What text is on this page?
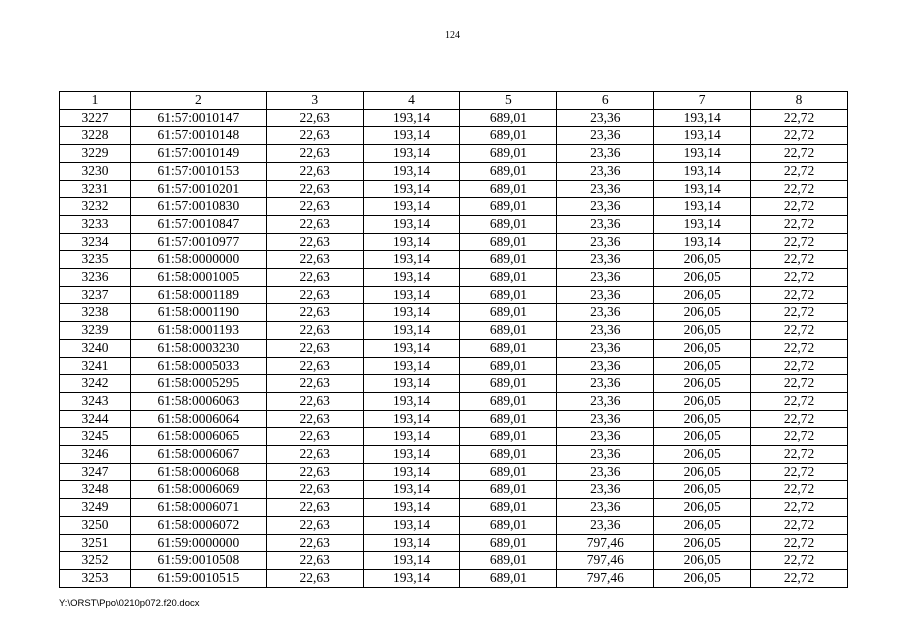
124
1	2	3	4	5	6	7	8
3227	61:57:0010147	22,63	193,14	689,01	23,36	193,14	22,72
3228	61:57:0010148	22,63	193,14	689,01	23,36	193,14	22,72
3229	61:57:0010149	22,63	193,14	689,01	23,36	193,14	22,72
3230	61:57:0010153	22,63	193,14	689,01	23,36	193,14	22,72
3231	61:57:0010201	22,63	193,14	689,01	23,36	193,14	22,72
3232	61:57:0010830	22,63	193,14	689,01	23,36	193,14	22,72
3233	61:57:0010847	22,63	193,14	689,01	23,36	193,14	22,72
3234	61:57:0010977	22,63	193,14	689,01	23,36	193,14	22,72
3235	61:58:0000000	22,63	193,14	689,01	23,36	206,05	22,72
3236	61:58:0001005	22,63	193,14	689,01	23,36	206,05	22,72
3237	61:58:0001189	22,63	193,14	689,01	23,36	206,05	22,72
3238	61:58:0001190	22,63	193,14	689,01	23,36	206,05	22,72
3239	61:58:0001193	22,63	193,14	689,01	23,36	206,05	22,72
3240	61:58:0003230	22,63	193,14	689,01	23,36	206,05	22,72
3241	61:58:0005033	22,63	193,14	689,01	23,36	206,05	22,72
3242	61:58:0005295	22,63	193,14	689,01	23,36	206,05	22,72
3243	61:58:0006063	22,63	193,14	689,01	23,36	206,05	22,72
3244	61:58:0006064	22,63	193,14	689,01	23,36	206,05	22,72
3245	61:58:0006065	22,63	193,14	689,01	23,36	206,05	22,72
3246	61:58:0006067	22,63	193,14	689,01	23,36	206,05	22,72
3247	61:58:0006068	22,63	193,14	689,01	23,36	206,05	22,72
3248	61:58:0006069	22,63	193,14	689,01	23,36	206,05	22,72
3249	61:58:0006071	22,63	193,14	689,01	23,36	206,05	22,72
3250	61:58:0006072	22,63	193,14	689,01	23,36	206,05	22,72
3251	61:59:0000000	22,63	193,14	689,01	797,46	206,05	22,72
3252	61:59:0010508	22,63	193,14	689,01	797,46	206,05	22,72
3253	61:59:0010515	22,63	193,14	689,01	797,46	206,05	22,72
Y:\ORST\Ppo\0210p072.f20.docx
